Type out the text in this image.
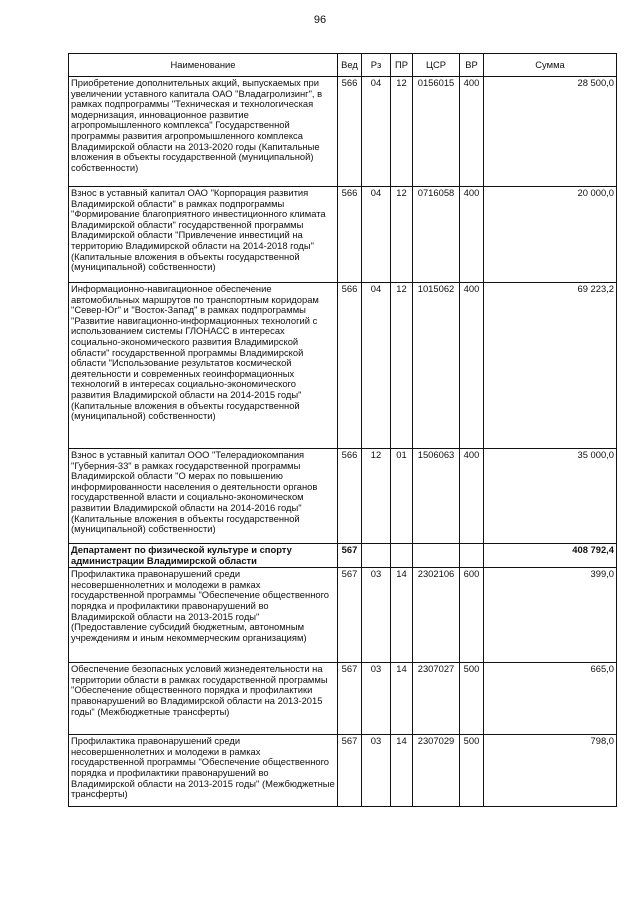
96
Наименование	Вед	Рз	ПР	ЦСР	ВР	Сумма
Приобретение дополнительных акций, выпускаемых при увеличении уставного капитала ОАО "Владагролизинг", в рамках подпрограммы "Техническая и технологическая модернизация, инновационное развитие агропромышленного комплекса" Государственной программы развития агропромышленного комплекса Владимирской области на 2013-2020 годы (Капитальные вложения в объекты государственной (муниципальной) собственности)	566	04	12	0156015	400	28 500,0
Взнос в уставный капитал ОАО "Корпорация развития Владимирской области" в рамках подпрограммы "Формирование благоприятного инвестиционного климата Владимирской области" государственной программы Владимирской области "Привлечение инвестиций на территорию Владимирской области на 2014-2018 годы" (Капитальные вложения в объекты государственной (муниципальной) собственности)	566	04	12	0716058	400	20 000,0
Информационно-навигационное обеспечение автомобильных маршрутов по транспортным коридорам "Север-Юг" и "Восток-Запад" в рамках подпрограммы "Развитие навигационно-информационных технологий с использованием системы ГЛОНАСС в интересах социально-экономического развития Владимирской области" государственной программы Владимирской области "Использование результатов космической деятельности и современных геоинформационных технологий в интересах социально-экономического развития Владимирской области на 2014-2015 годы" (Капитальные вложения в объекты государственной (муниципальной) собственности)	566	04	12	1015062	400	69 223,2
Взнос в уставный капитал ООО "Телерадиокомпания "Губерния-33" в рамках государственной программы Владимирской области "О мерах по повышению информированности населения о деятельности органов государственной власти и социально-экономическом развитии Владимирской области на 2014-2016 годы" (Капитальные вложения в объекты государственной (муниципальной) собственности)	566	12	01	1506063	400	35 000,0
Департамент по физической культуре и спорту администрации Владимирской области	567					408 792,4
Профилактика правонарушений среди несовершеннолетних и молодежи в рамках государственной программы "Обеспечение общественного порядка и профилактики правонарушений во Владимирской области на 2013-2015 годы" (Предоставление субсидий бюджетным, автономным учреждениям и иным некоммерческим организациям)	567	03	14	2302106	600	399,0
Обеспечение безопасных условий жизнедеятельности на территории области в рамках государственной программы "Обеспечение общественного порядка и профилактики правонарушений во Владимирской области на 2013-2015 годы" (Межбюджетные трансферты)	567	03	14	2307027	500	665,0
Профилактика правонарушений среди несовершеннолетних и молодежи в рамках государственной программы "Обеспечение общественного порядка и профилактики правонарушений во Владимирской области на 2013-2015 годы" (Межбюджетные трансферты)	567	03	14	2307029	500	798,0
